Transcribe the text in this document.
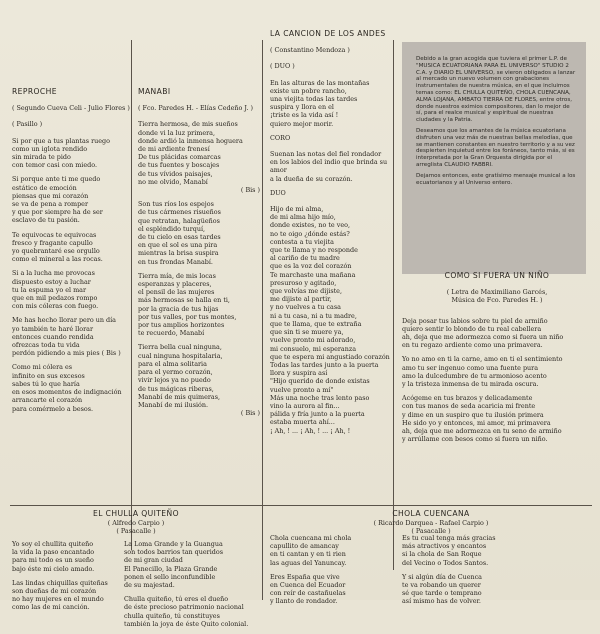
REPROCHE
( Segundo Cueva Celi - Julio Flores )
( Pasillo )

Si por que a tus plantas ruego
como un iglota rendido
sin mirada te pido
con temor casi con miedo.

Si porque ante ti me quedo
estático de emoción
piensas que mi corazón
se va de pena a romper
y que por siempre ha de ser
esclavo de tu pasión.

Te equivocas te equivocas
fresco y fragante capullo
yo quebrantaré ese orgullo
como el mineral a las rocas.

Si a la lucha me provocas
dispuesto estoy a luchar
tu la espuma yo el mar
que en mil pedazos rompo
con mis cóleras con fuego.

Me has hecho llorar pero un día
yo también te haré llorar
entonces cuando rendida
ofrezcas toda tu vida
perdón pidiendo a mis pies ( Bis )

Como mi cólera es
infinito en sus excesos
sabes tú lo que haría
en esos momentos de indignación
arrancarte el corazón
para comérmelo a besos.

MANABI
( Fco. Paredes H. - Elías Cedeño J. )

Tierra hermosa, de mis sueños
donde vi la luz primera,
donde ardió la inmensa hoguera
de mi ardiente frenesí
De tus plácidas comarcas
de tus fuentes y boscajes
de tus vívidos paisajes,
no me olvido, Manabí

( Bis )

Son tus ríos los espejos
de tus cármenes risueños
que retratan, halagüeños
el espléndido turquí,
de tu cielo en esas tardes
en que el sol es una pira
mientras la brisa suspira
en tus frondas Manabí.

Tierra mía, de mis locas
esperanzas y placeres,
el pensil de las mujeres
más hermosas se halla en ti,
por la gracia de tus hijas
por tus valles, por tus montes,
por tus amplios horizontes
te recuerdo, Manabí

Tierra bella cual ninguna,
cual ninguna hospitalaria,
para el alma solitaria
para el yermo corazón,
vivir lejos ya no puedo
de tus mágicas riberas,
Manabí de mis quimeras,
Manabí de mi ilusión.

( Bis )
LA CANCION DE LOS ANDES
( Constantino Mendoza )
( DUO )

En las alturas de las montañas
existe un pobre rancho,
una viejita todas las tardes
suspira y llora en el
¡triste es la vida así !
quiero mejor morir.

CORO

Suenan las notas del fiel rondador
en los labios del indio que brinda su amor
a la dueña de su corazón.

DUO

Hijo de mi alma,
de mi alma hijo mío,
donde existes, no te veo,
no te oigo ¿dónde estás?
contesta a tu viejita
que te llama y no responde
al cariño de tu madre
que es la voz del corazón
Te marchaste una mañana
presuroso y agitado,
que volvías me dijiste,
me dijiste al partir,
y no vuelves a tu casa
ni a tu casa, ni a tu madre,
que te llama, que te extraña
que sin ti se muere ya,
vuelve pronto mi adorado,
mi consuelo, mi esperanza
que te espera mi angustiado corazón
Todas las tardes junto a la puerta
llora y suspira así
"Hijo querido de donde existas
vuelve pronto a mí"
Más una noche tras lento paso
vino la aurora al fin...
pálida y fría junto a la puerta
estaba muerta ahí...
¡ Ah, ! ... ¡ Ah, ! ... ¡ Ah, !

Debido a la gran acogida que tuviera el primer L.P. de "MUSICA ECUATORIANA PARA EL UNIVERSO" STUDIO 2 C.A. y DIARIO EL UNIVERSO, se vieron obligados a lanzar al mercado un nuevo volumen con grabaciones instrumentales de nuestra música, en el que incluimos temas como: EL CHULLA QUITEÑO, CHOLA CUENCANA, ALMA LOJANA, AMBATO TIERRA DE FLORES, entre otros, donde nuestros eximios compositores, dan lo mejor de sí, para el realce musical y espiritual de nuestras ciudades y la Patria.

Deseamos que los amantes de la música ecuatoriana disfruten una vez más de nuestras bellas melodías, que se mantienen constantes en nuestro territorio y a su vez despierten inquietud entre los foráneos, tanto más, si es interpretada por la Gran Orquesta dirigida por el arreglista CLAUDIO FABBRI.

Dejamos entonces, este gratísimo mensaje musical a los ecuatorianos y al Universo entero.

COMO SI FUERA UN NIÑO
( Letra de Maximiliano Garcés,
Música de Fco. Paredes H. )

Deja posar tus labios sobre tu piel de armiño
quiero sentir lo blondo de tu real cabellera
ah, deja que me adormezca como si fuera un niño
en tu regazo ardiente como una primavera.

Yo no amo en ti la carne, amo en ti el sentimiento
amo tu ser ingenuo como una fuente pura
amo la dulcedumbre de tu armonioso acento
y la tristeza inmensa de tu mirada oscura.

Acógeme en tus brazos y delicadamente
con tus manos de seda acaricia mi frente
y dime en un suspiro que tu ilusión primera
He sido yo y entonces, mi amor, mi primavera
ah, deja que me adormezca en tu seno de armiño
y arrúllame con besos como si fuera un niño.

EL CHULLA QUITEÑO
( Alfredo Carpio )
( Pasacalle )

Yo soy el chullita quiteño
la vida la paso encantado
para mi todo es un sueño
bajo éste mi cielo amado.

Las lindas chiquillas quiteñas
son dueñas de mi corazón
no hay mujeres en el mundo
como las de mi canción.

La Loma Grande y la Guangua
son todos barrios tan queridos
de mi gran ciudad
El Panecillo, la Plaza Grande
ponen el sello inconfundible
de su majestad.

Chulla quiteño, tú eres el dueño
de éste precioso patrimonio nacional
chulla quiteño, tú constituyes
también la joya de éste Quito colonial.

CHOLA CUENCANA
( Ricardo Darquea - Rafael Carpio )
( Pasacalle )

Chola cuencana mi chola
capullito de amancay
en ti cantan y en ti rien
las aguas del Yanuncay.

Eres España que vive
en Cuenca del Ecuador
con reír de castañuelas
y llanto de rondador.

Es tu cual tenga más gracias
más atractivos y encantos
si la chola de San Roque
del Vecino o Todos Santos.

Y si algún día de Cuenca
te va robando un querer
sé que tarde o temprano
así mismo has de volver.
